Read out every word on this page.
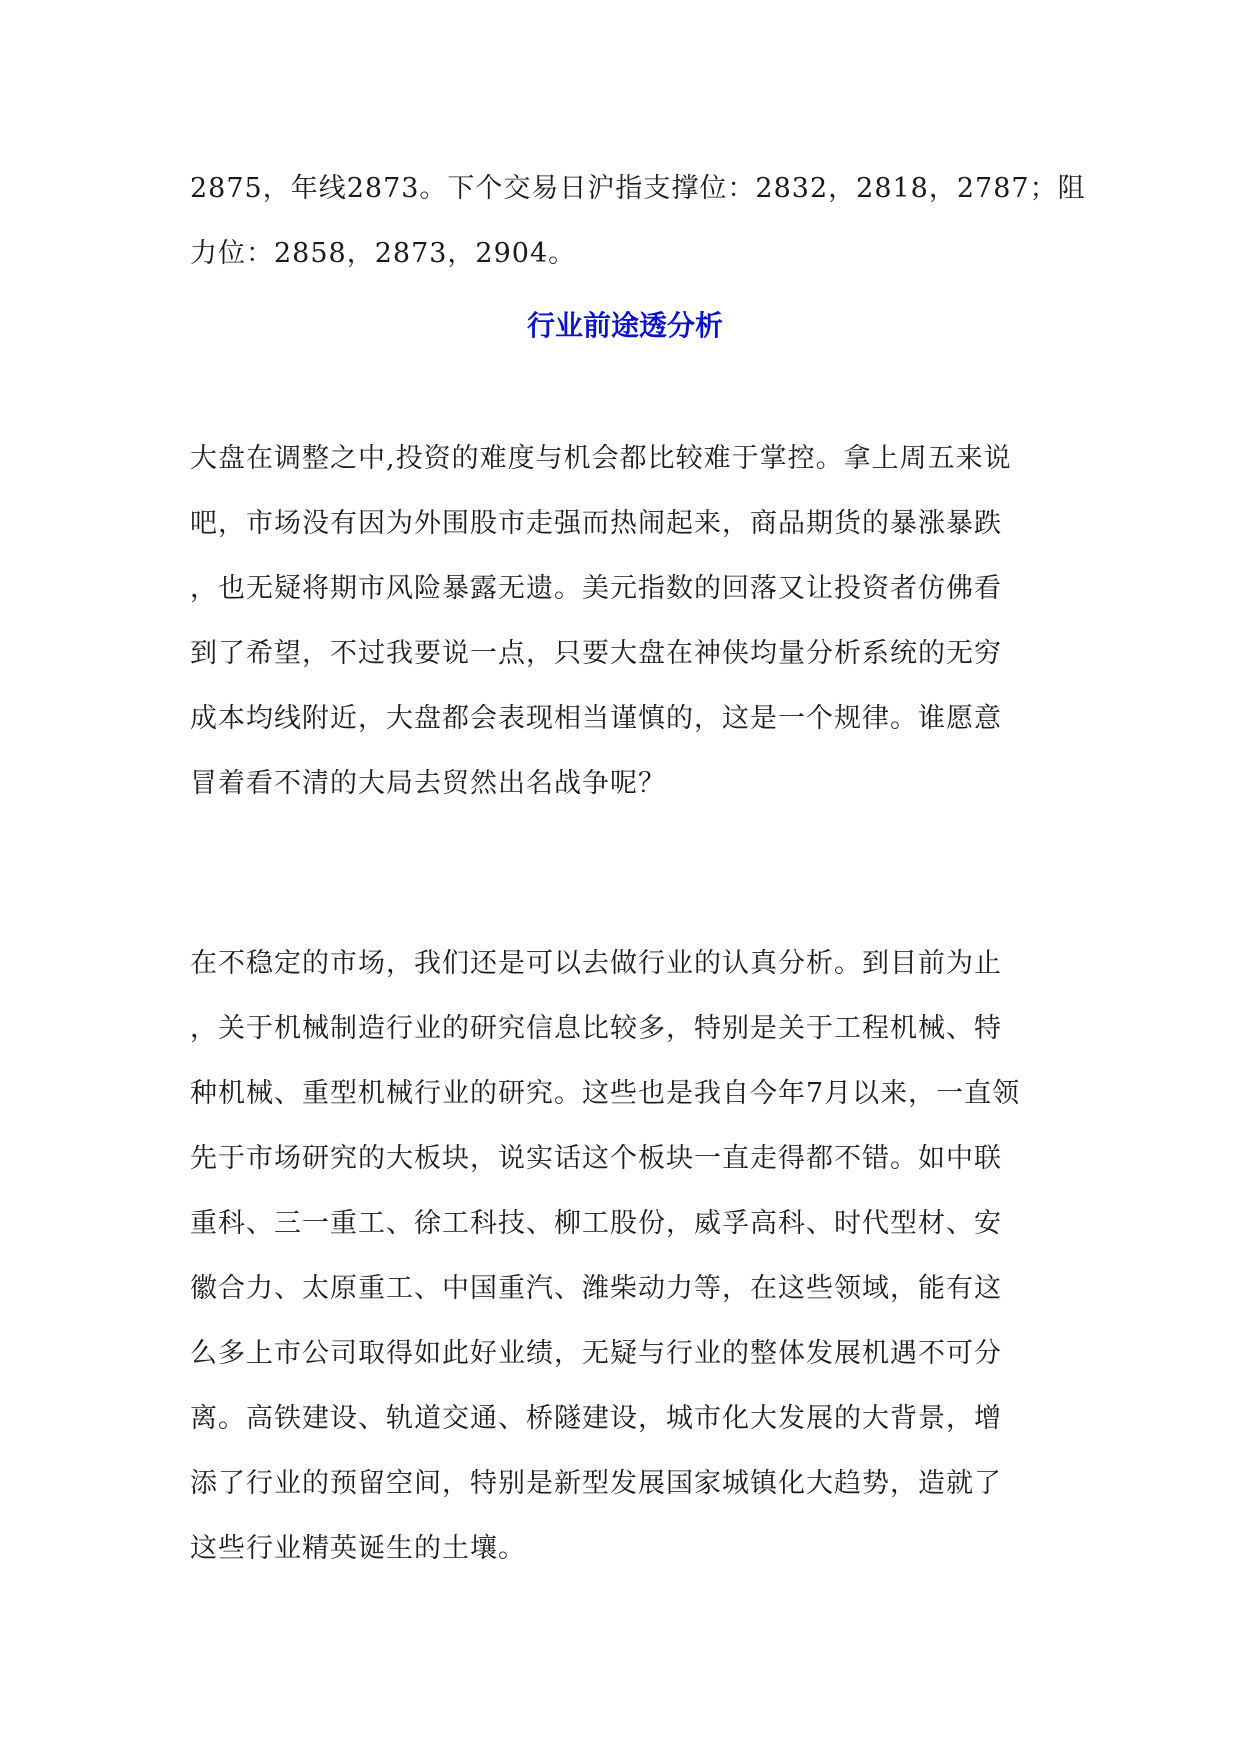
2875，年线2873。下个交易日沪指支撑位：2832，2818，2787；阻
力位：2858，2873，2904。

行业前途透分析

大盘在调整之中,投资的难度与机会都比较难于掌控。拿上周五来说
吧，市场没有因为外围股市走强而热闹起来，商品期货的暴涨暴跌
，也无疑将期市风险暴露无遗。美元指数的回落又让投资者仿佛看
到了希望，不过我要说一点，只要大盘在神侠均量分析系统的无穷
成本均线附近，大盘都会表现相当谨慎的，这是一个规律。谁愿意
冒着看不清的大局去贸然出名战争呢？

在不稳定的市场，我们还是可以去做行业的认真分析。到目前为止
，关于机械制造行业的研究信息比较多，特别是关于工程机械、特
种机械、重型机械行业的研究。这些也是我自今年7月以来，一直领
先于市场研究的大板块，说实话这个板块一直走得都不错。如中联
重科、三一重工、徐工科技、柳工股份，威孚高科、时代型材、安
徽合力、太原重工、中国重汽、潍柴动力等，在这些领域，能有这
么多上市公司取得如此好业绩，无疑与行业的整体发展机遇不可分
离。高铁建设、轨道交通、桥隧建设，城市化大发展的大背景，增
添了行业的预留空间，特别是新型发展国家城镇化大趋势，造就了
这些行业精英诞生的土壤。
